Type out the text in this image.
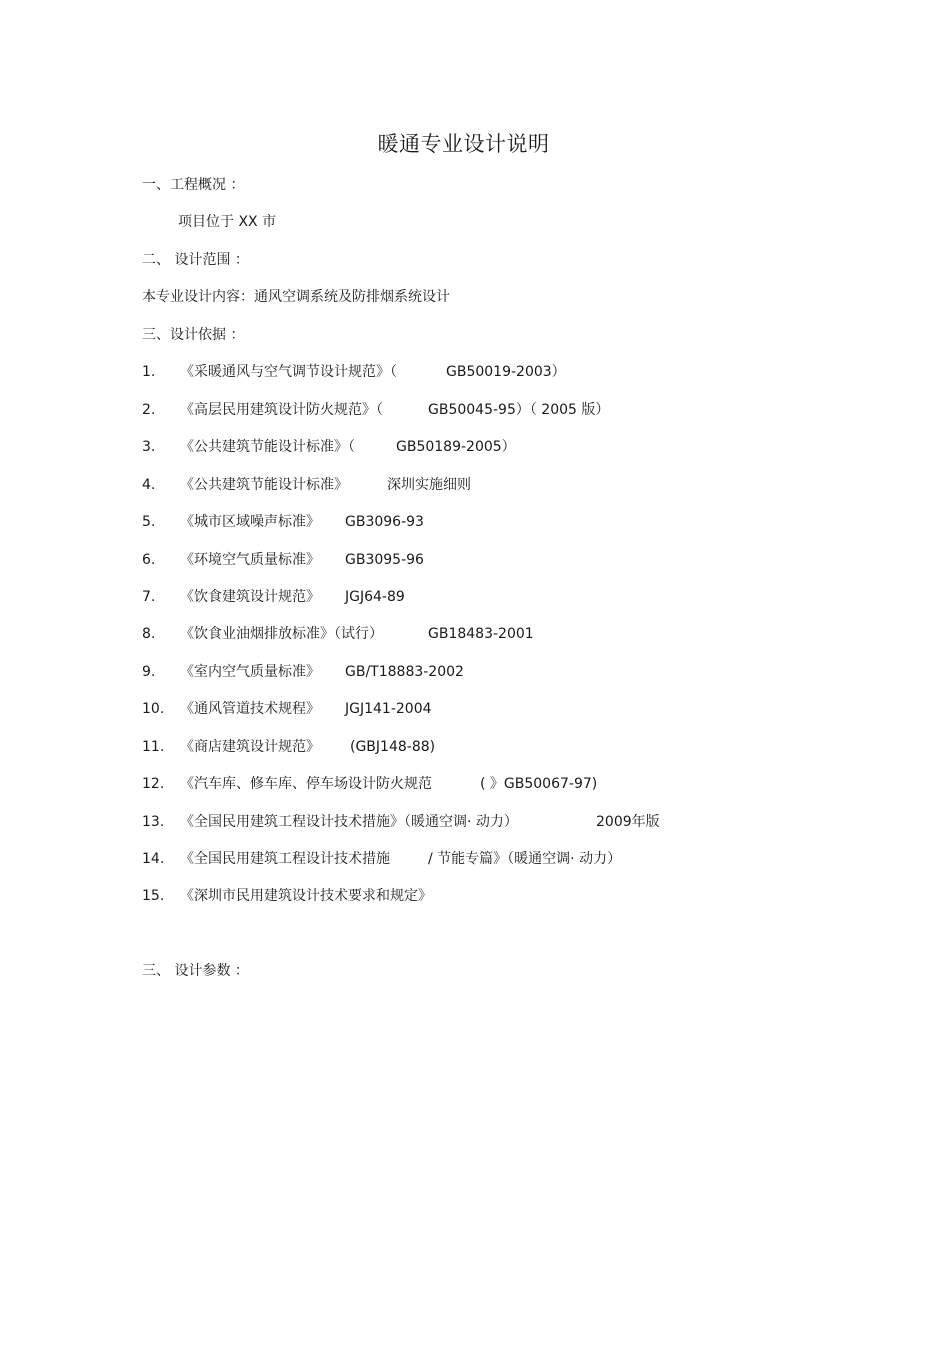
暖通专业设计说明
一、工程概况 ：
项目位于 XX 市
二、 设计范围 ：
本专业设计内容：通风空调系统及防排烟系统设计
三、设计依据 ：
1. 《采暖通风与空气调节设计规范》（	GB50019-2003）
2. 《高层民用建筑设计防火规范》（	GB50045-95）（ 2005 版）
3. 《公共建筑节能设计标准》（	GB50189-2005）
4. 《公共建筑节能设计标准》	深圳实施细则
5. 《城市区域噪声标准》 GB3096-93
6. 《环境空气质量标准》 GB3095-96
7. 《饮食建筑设计规范》 JGJ64-89
8. 《饮食业油烟排放标准》（试行）	GB18483-2001
9. 《室内空气质量标准》 GB/T18883-2002
10. 《通风管道技术规程》 JGJ141-2004
11. 《商店建筑设计规范》 (GBJ148-88)
12. 《汽车库、修车库、停车场设计防火规范	( 》GB50067-97)
13. 《全国民用建筑工程设计技术措施》（暖通空调· 动力）	2009年版
14. 《全国民用建筑工程设计技术措施	/ 节能专篇》（暖通空调· 动力）
15. 《深圳市民用建筑设计技术要求和规定》
三、 设计参数 ：
